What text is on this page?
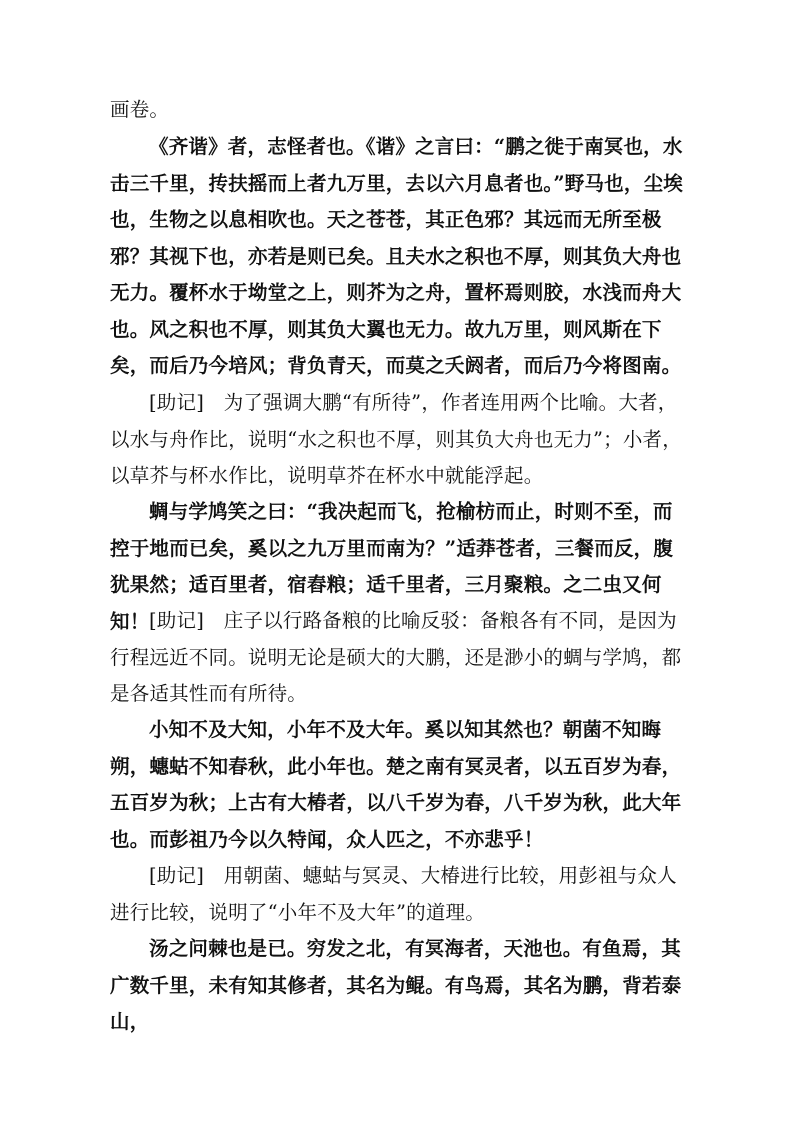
画卷。

《齐谐》者，志怪者也。《谐》之言曰：“鹏之徙于南冥也，水击三千里，抟扶摇而上者九万里，去以六月息者也。”野马也，尘埃也，生物之以息相吹也。天之苍苍，其正色邪？其远而无所至极邪？其视下也，亦若是则已矣。且夫水之积也不厚，则其负大舟也无力。覆杯水于坳堂之上，则芥为之舟，置杯焉则胶，水浅而舟大也。风之积也不厚，则其负大翼也无力。故九万里，则风斯在下矣，而后乃今培风；背负青天，而莫之夭阏者，而后乃今将图南。

[助记]　为了强调大鹏“有所待”，作者连用两个比喻。大者，以水与舟作比，说明“水之积也不厚，则其负大舟也无力”；小者，以草芥与杯水作比，说明草芥在杯水中就能浮起。

蜩与学鸠笑之曰：“我决起而飞，抢榆枋而止，时则不至，而控于地而已矣，奚以之九万里而南为？”适莽苍者，三餐而反，腹犹果然；适百里者，宿舂粮；适千里者，三月聚粮。之二虫又何知！ [助记]　庄子以行路备粮的比喻反驳：备粮各有不同，是因为行程远近不同。说明无论是硕大的大鹏，还是渺小的蜩与学鸠，都是各适其性而有所待。

小知不及大知，小年不及大年。奚以知其然也？朝菌不知晦朔，蟪蛄不知春秋，此小年也。楚之南有冥灵者，以五百岁为春，五百岁为秋；上古有大椿者，以八千岁为春，八千岁为秋，此大年也。而彭祖乃今以久特闻，众人匹之，不亦悲乎！

[助记]　用朝菌、蟪蛄与冥灵、大椿进行比较，用彭祖与众人进行比较，说明了“小年不及大年”的道理。

汤之问棘也是已。穷发之北，有冥海者，天池也。有鱼焉，其广数千里，未有知其修者，其名为鲲。有鸟焉，其名为鹏，背若泰山，
